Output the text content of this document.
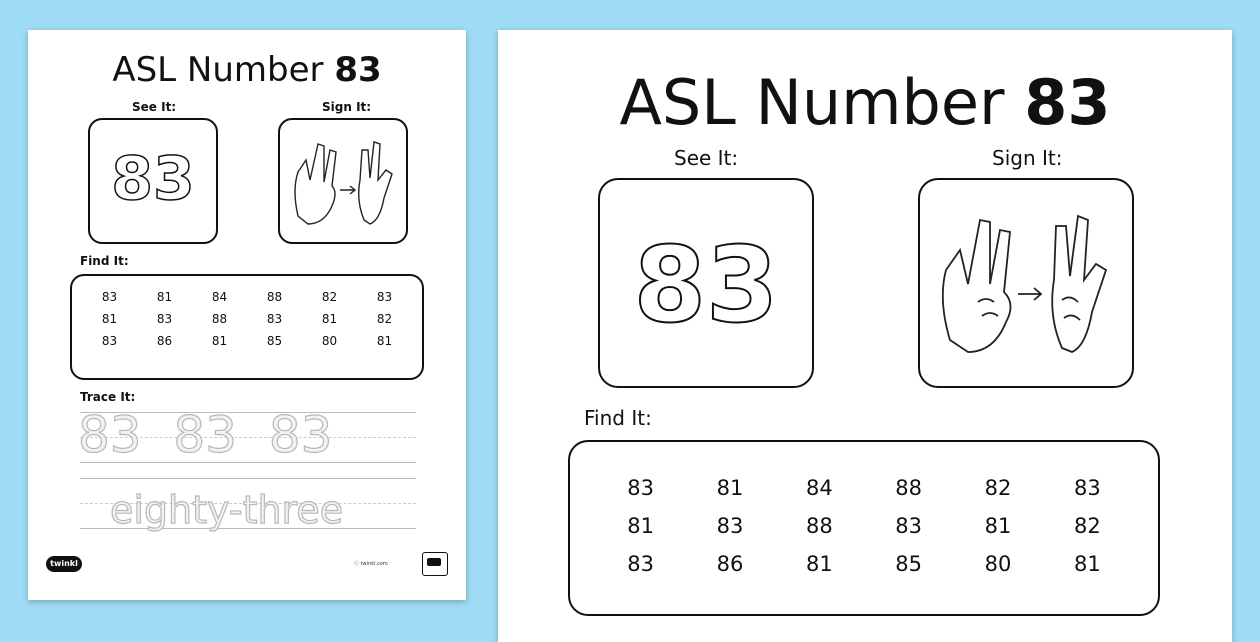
ASL Number 83
See It:	Sign It:
83
Find It:
83	81	84	88	82	83
81	83	88	83	81	82
83	86	81	85	80	81
Trace It:
83 83 83
eighty-three
twinkl	ⓒ twinkl.com
ASL Number 83
See It:	Sign It:
83
Find It:
83	81	84	88	82	83
81	83	88	83	81	82
83	86	81	85	80	81
